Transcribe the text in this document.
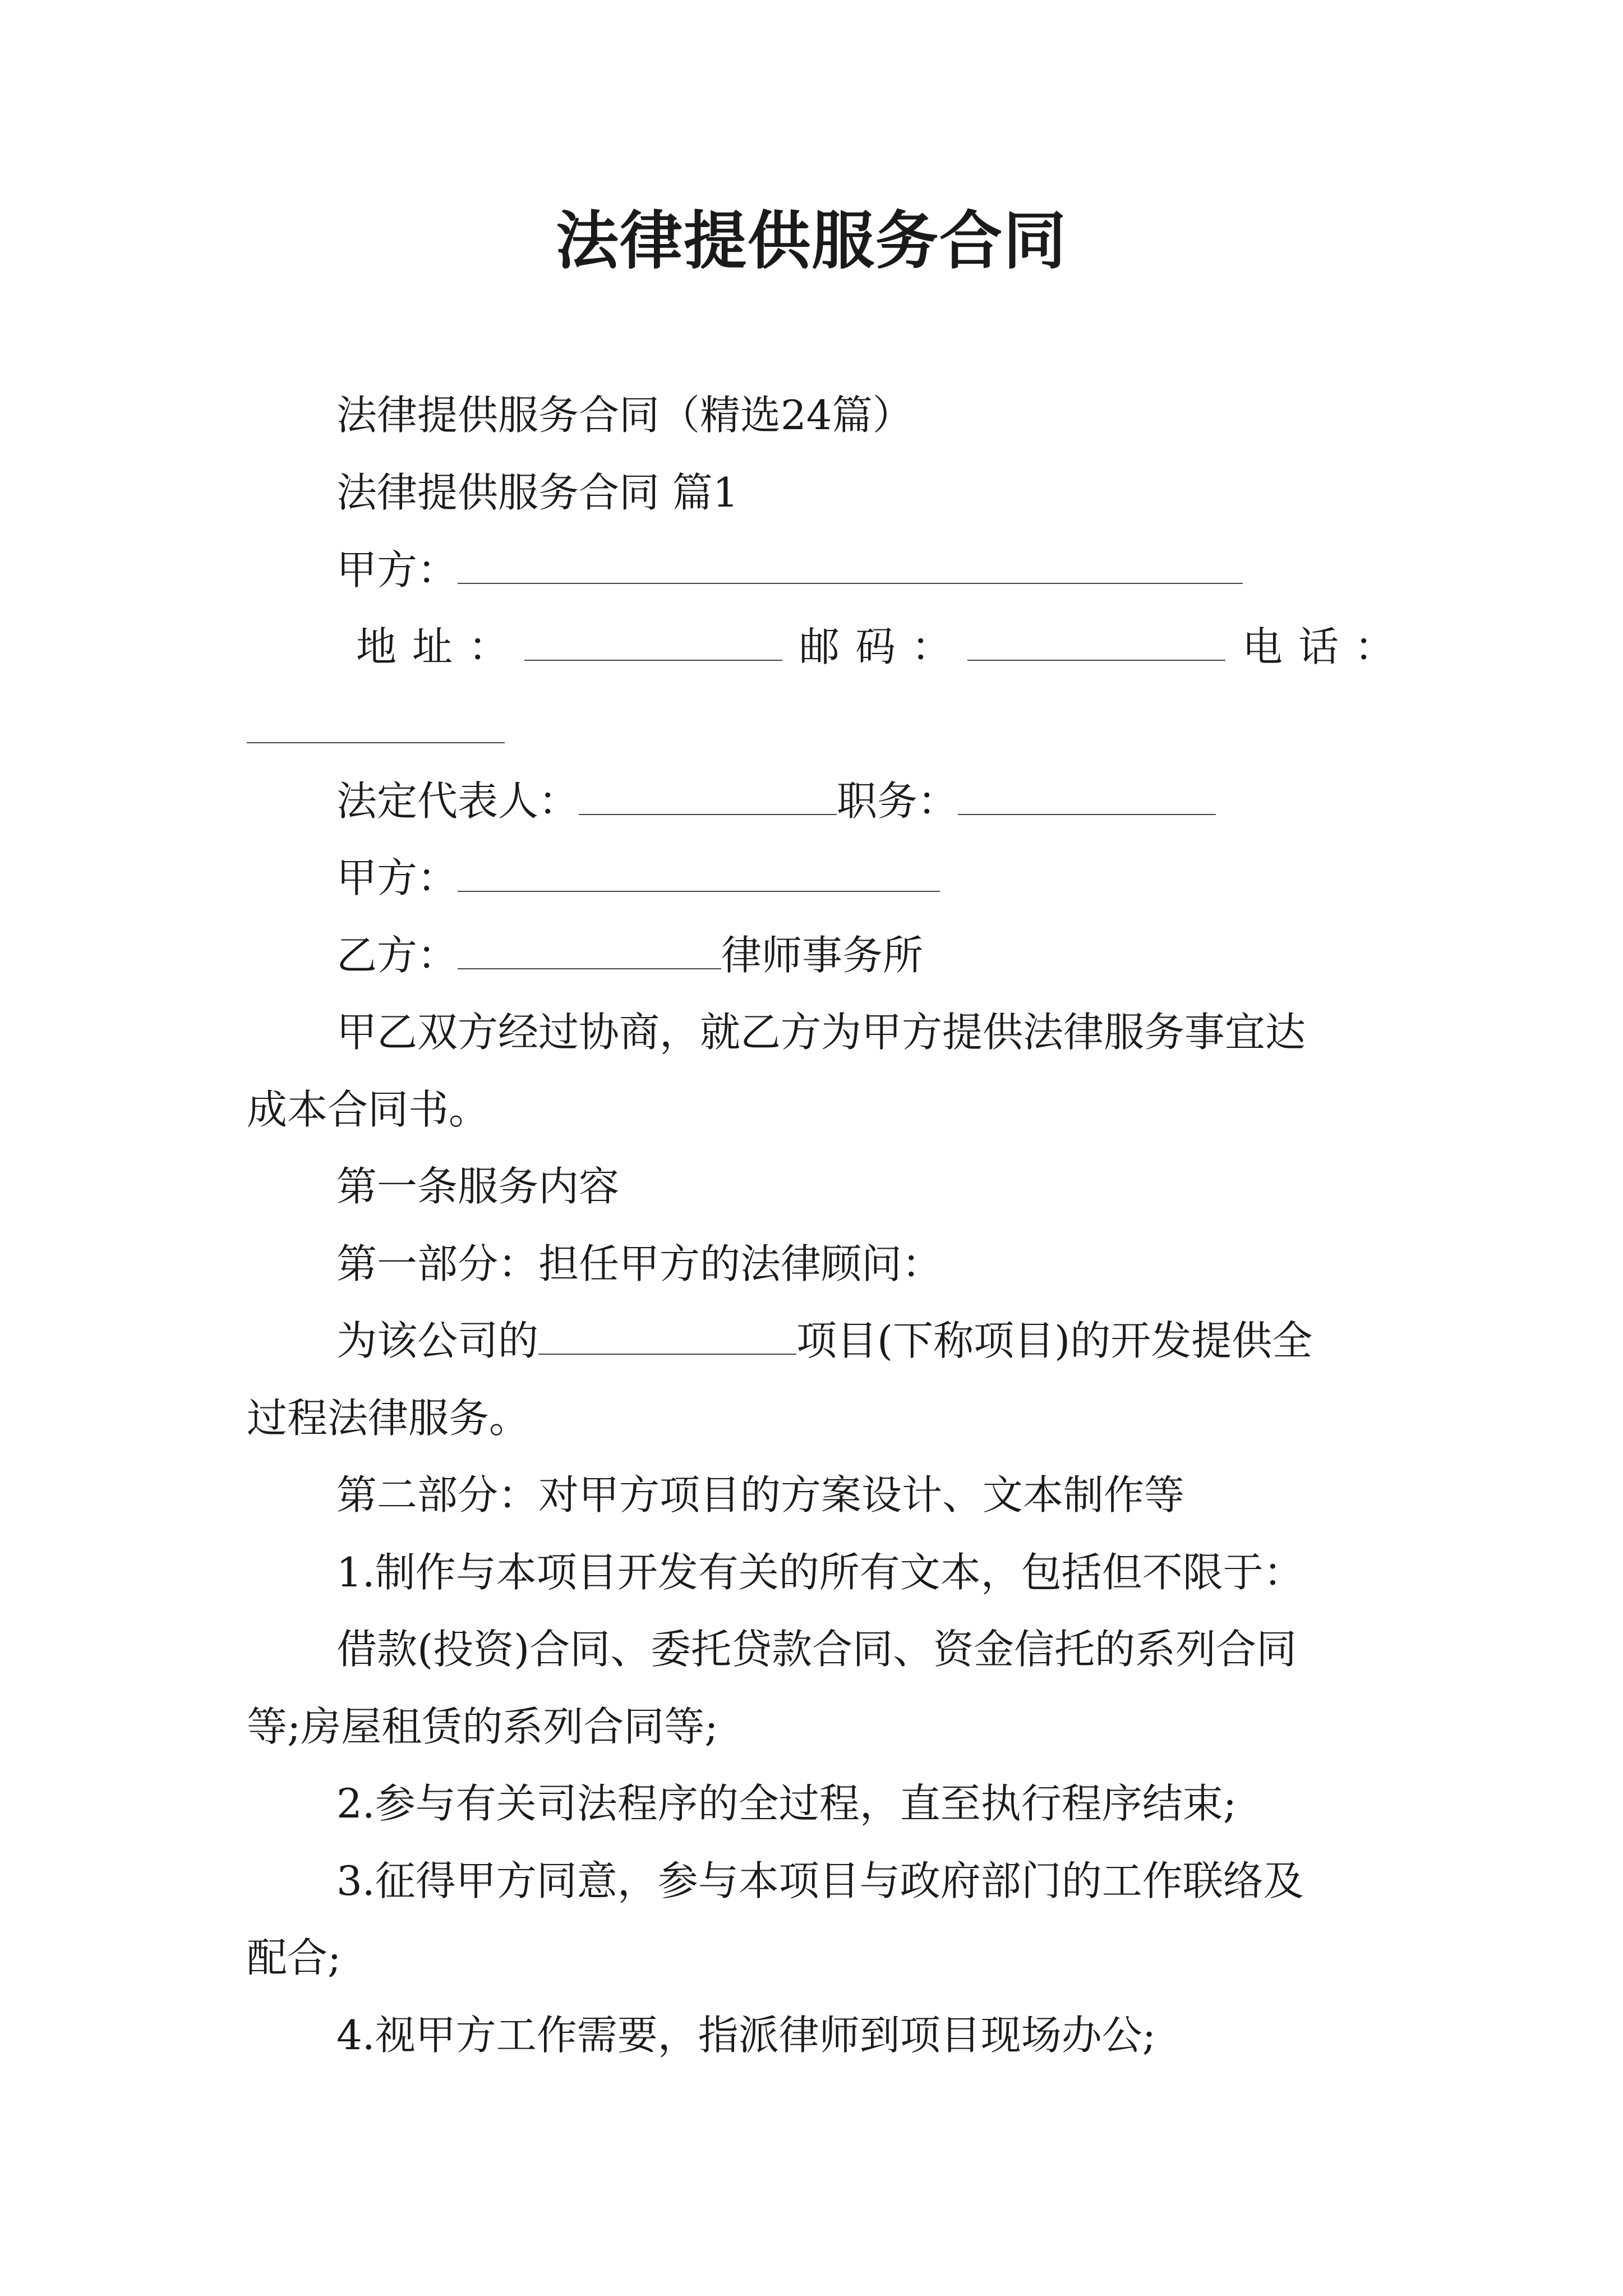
法律提供服务合同
法律提供服务合同（精选24篇）
法律提供服务合同 篇1
甲方：
地址：	邮码：	电话：
法定代表人：	职务：
甲方：
乙方：	律师事务所
甲乙双方经过协商，就乙方为甲方提供法律服务事宜达
成本合同书。
第一条服务内容
第一部分：担任甲方的法律顾问：
为该公司的	项目(下称项目)的开发提供全
过程法律服务。
第二部分：对甲方项目的方案设计、文本制作等
1.制作与本项目开发有关的所有文本，包括但不限于：
借款(投资)合同、委托贷款合同、资金信托的系列合同
等;房屋租赁的系列合同等;
2.参与有关司法程序的全过程，直至执行程序结束;
3.征得甲方同意，参与本项目与政府部门的工作联络及
配合;
4.视甲方工作需要，指派律师到项目现场办公;
